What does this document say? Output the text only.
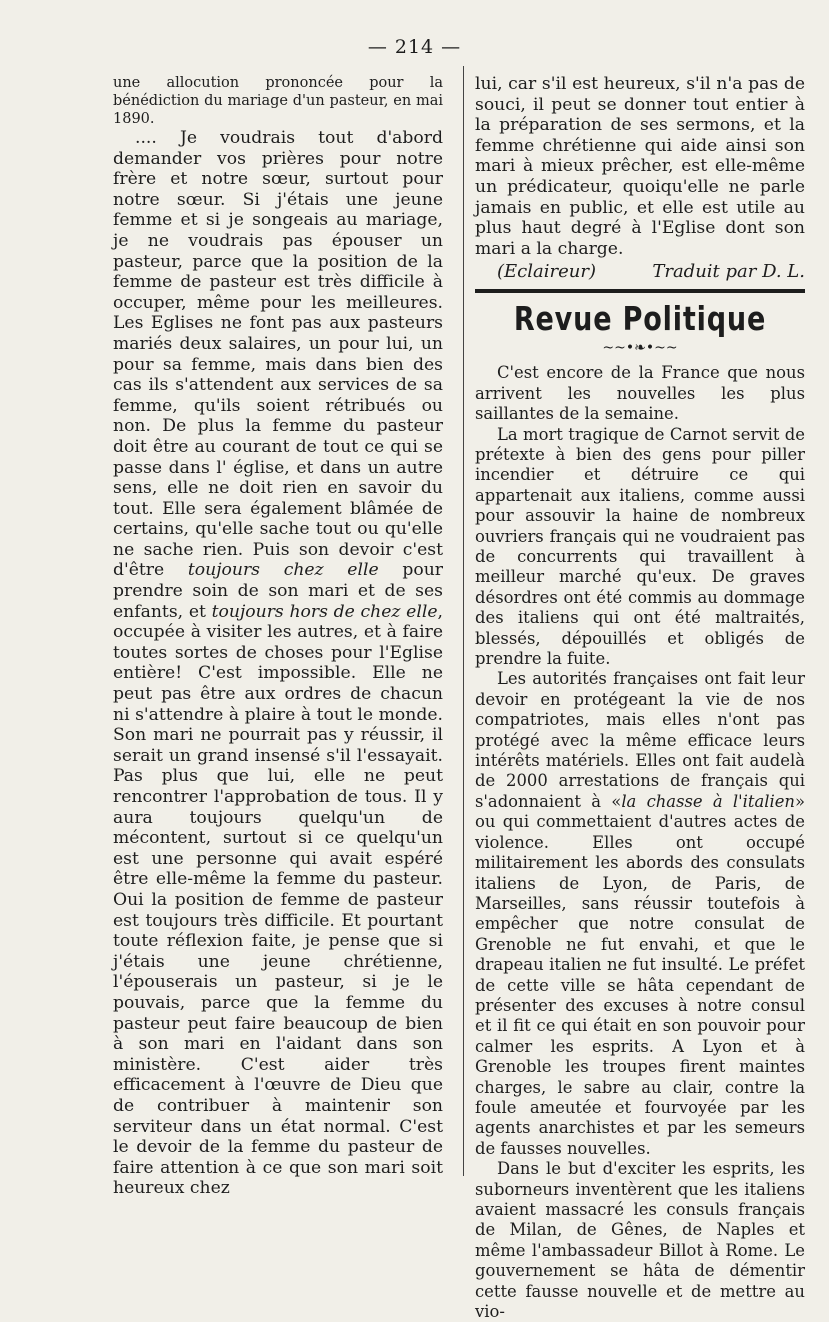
— 214 —

une allocution prononcée pour la bénédiction du mariage d'un pasteur, en mai 1890.

.... Je voudrais tout d'abord demander vos prières pour notre frère et notre sœur, surtout pour notre sœur. Si j'étais une jeune femme et si je songeais au mariage, je ne voudrais pas épouser un pasteur, parce que la position de la femme de pasteur est très difficile à occuper, même pour les meilleures. Les Eglises ne font pas aux pasteurs mariés deux salaires, un pour lui, un pour sa femme, mais dans bien des cas ils s'attendent aux services de sa femme, qu'ils soient rétribués ou non. De plus la femme du pasteur doit être au courant de tout ce qui se passe dans l' église, et dans un autre sens, elle ne doit rien en savoir du tout. Elle sera également blâmée de certains, qu'elle sache tout ou qu'elle ne sache rien. Puis son devoir c'est d'être toujours chez elle pour prendre soin de son mari et de ses enfants, et toujours hors de chez elle, occupée à visiter les autres, et à faire toutes sortes de choses pour l'Eglise entière! C'est impossible. Elle ne peut pas être aux ordres de chacun ni s'attendre à plaire à tout le monde. Son mari ne pourrait pas y réussir, il serait un grand insensé s'il l'essayait. Pas plus que lui, elle ne peut rencontrer l'approbation de tous. Il y aura toujours quelqu'un de mécontent, surtout si ce quelqu'un est une personne qui avait espéré être elle-même la femme du pasteur. Oui la position de femme de pasteur est toujours très difficile. Et pourtant toute réflexion faite, je pense que si j'étais une jeune chrétienne, l'épouserais un pasteur, si je le pouvais, parce que la femme du pasteur peut faire beaucoup de bien à son mari en l'aidant dans son ministère. C'est aider très efficacement à l'œuvre de Dieu que de contribuer à maintenir son serviteur dans un état normal. C'est le devoir de la femme du pasteur de faire attention à ce que son mari soit heureux chez

lui, car s'il est heureux, s'il n'a pas de souci, il peut se donner tout entier à la préparation de ses sermons, et la femme chrétienne qui aide ainsi son mari à mieux prêcher, est elle-même un prédicateur, quoiqu'elle ne parle jamais en public, et elle est utile au plus haut degré à l'Eglise dont son mari a la charge.

(Eclaireur)	Traduit par D. L.
Revue Politique
~~•❧•~~

C'est encore de la France que nous arrivent les nouvelles les plus saillantes de la semaine.

La mort tragique de Carnot servit de prétexte à bien des gens pour piller incendier et détruire ce qui appartenait aux italiens, comme aussi pour assouvir la haine de nombreux ouvriers français qui ne voudraient pas de concurrents qui travaillent à meilleur marché qu'eux. De graves désordres ont été commis au dommage des italiens qui ont été maltraités, blessés, dépouillés et obligés de prendre la fuite.

Les autorités françaises ont fait leur devoir en protégeant la vie de nos compatriotes, mais elles n'ont pas protégé avec la même efficace leurs intérêts matériels. Elles ont fait audelà de 2000 arrestations de français qui s'adonnaient à «la chasse à l'italien» ou qui commettaient d'autres actes de violence. Elles ont occupé militairement les abords des consulats italiens de Lyon, de Paris, de Marseilles, sans réussir toutefois à empêcher que notre consulat de Grenoble ne fut envahi, et que le drapeau italien ne fut insulté. Le préfet de cette ville se hâta cependant de présenter des excuses à notre consul et il fit ce qui était en son pouvoir pour calmer les esprits. A Lyon et à Grenoble les troupes firent maintes charges, le sabre au clair, contre la foule ameutée et fourvoyée par les agents anarchistes et par les semeurs de fausses nouvelles.

Dans le but d'exciter les esprits, les suborneurs inventèrent que les italiens avaient massacré les consuls français de Milan, de Gênes, de Naples et même l'ambassadeur Billot à Rome. Le gouvernement se hâta de démentir cette fausse nouvelle et de mettre au vio-
